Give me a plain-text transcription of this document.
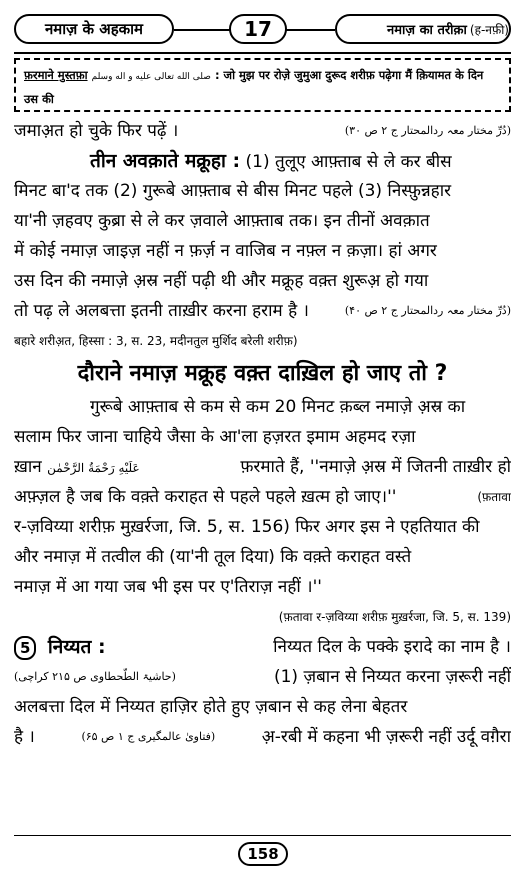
नमाज़ के अहकाम	17	नमाज़ का तरीक़ा (ह-नफ़ी)
फ़रमाने मुस्तफ़ा صلى الله تعالى عليه و اله وسلم : जो मुझ पर रोज़े जुमुआ दुरूद शरीफ़ पढ़ेगा मैं क़ियामत के दिन उस की
जमाअ़त हो चुके फिर पढ़ें ।	(دُرِّ مختار معہ ردالمحتار ج ۲ ص ۳۰)
तीन अवक़ाते मक्रूहा : (1) तुलूए आफ़्ताब से ले कर बीस
मिनट बा'द तक (2) गुरूबे आफ़्ताब से बीस मिनट पहले (3) निस्फ़ुन्नहार
या'नी ज़हवए कुब्रा से ले कर ज़वाले आफ़्ताब तक। इन तीनों अवक़ात
में कोई नमाज़ जाइज़ नहीं न फ़र्ज़ न वाजिब न नफ़्ल न क़ज़ा। हां अगर
उस दिन की नमाज़े अ़स्र नहीं पढ़ी थी और मक्रूह वक़्त शुरूअ़ हो गया
तो पढ़ ले अलबत्ता इतनी ताख़ीर करना हराम है ।	(دُرِّ مختار معہ ردالمحتار ج ۲ ص ۴۰)
बहारे शरीअ़त, हिस्सा : 3, स. 23, मदीनतुल मुर्शिद बरेली शरीफ़)
दौराने नमाज़ मक्रूह वक़्त दाख़िल हो जाए तो ?
गुरूबे आफ़्ताब से कम से कम 20 मिनट क़ब्ल नमाज़े अ़स्र का
सलाम फिर जाना चाहिये जैसा के आ'ला हज़रत इमाम अहमद रज़ा
ख़ान عَلَيْهِ رَحْمَةُ الرَّحْمٰن	फ़रमाते हैं, ''नमाज़े अ़स्र में जितनी ताख़ीर हो
अफ़्ज़ल है जब कि वक़्ते कराहत से पहले पहले ख़त्म हो जाए।''	(फ़तावा
र-ज़विय्या शरीफ़ मुख़र्रजा, जि. 5, स. 156) फिर अगर इस ने एहतियात की
और नमाज़ में तत्वील की (या'नी तूल दिया) कि वक़्ते कराहत वस्ते
नमाज़ में आ गया जब भी इस पर ए'तिराज़ नहीं ।''
(फ़तावा र-ज़विय्या शरीफ़ मुख़र्रजा, जि. 5, स. 139)
5 निय्यत :	निय्यत दिल के पक्के इरादे का नाम है ।
(حاشیۃ الطّحطاوی ص ۲۱۵ کراچی)	(1) ज़बान से निय्यत करना ज़रूरी नहीं
अलबत्ता दिल में निय्यत हाज़िर होते हुए ज़बान से कह लेना बेहतर
है ।	(فتاویٰ عالمگیری ج ۱ ص ۶۵)	अ़-रबी में कहना भी ज़रूरी नहीं उर्दू वग़ैरा
158
